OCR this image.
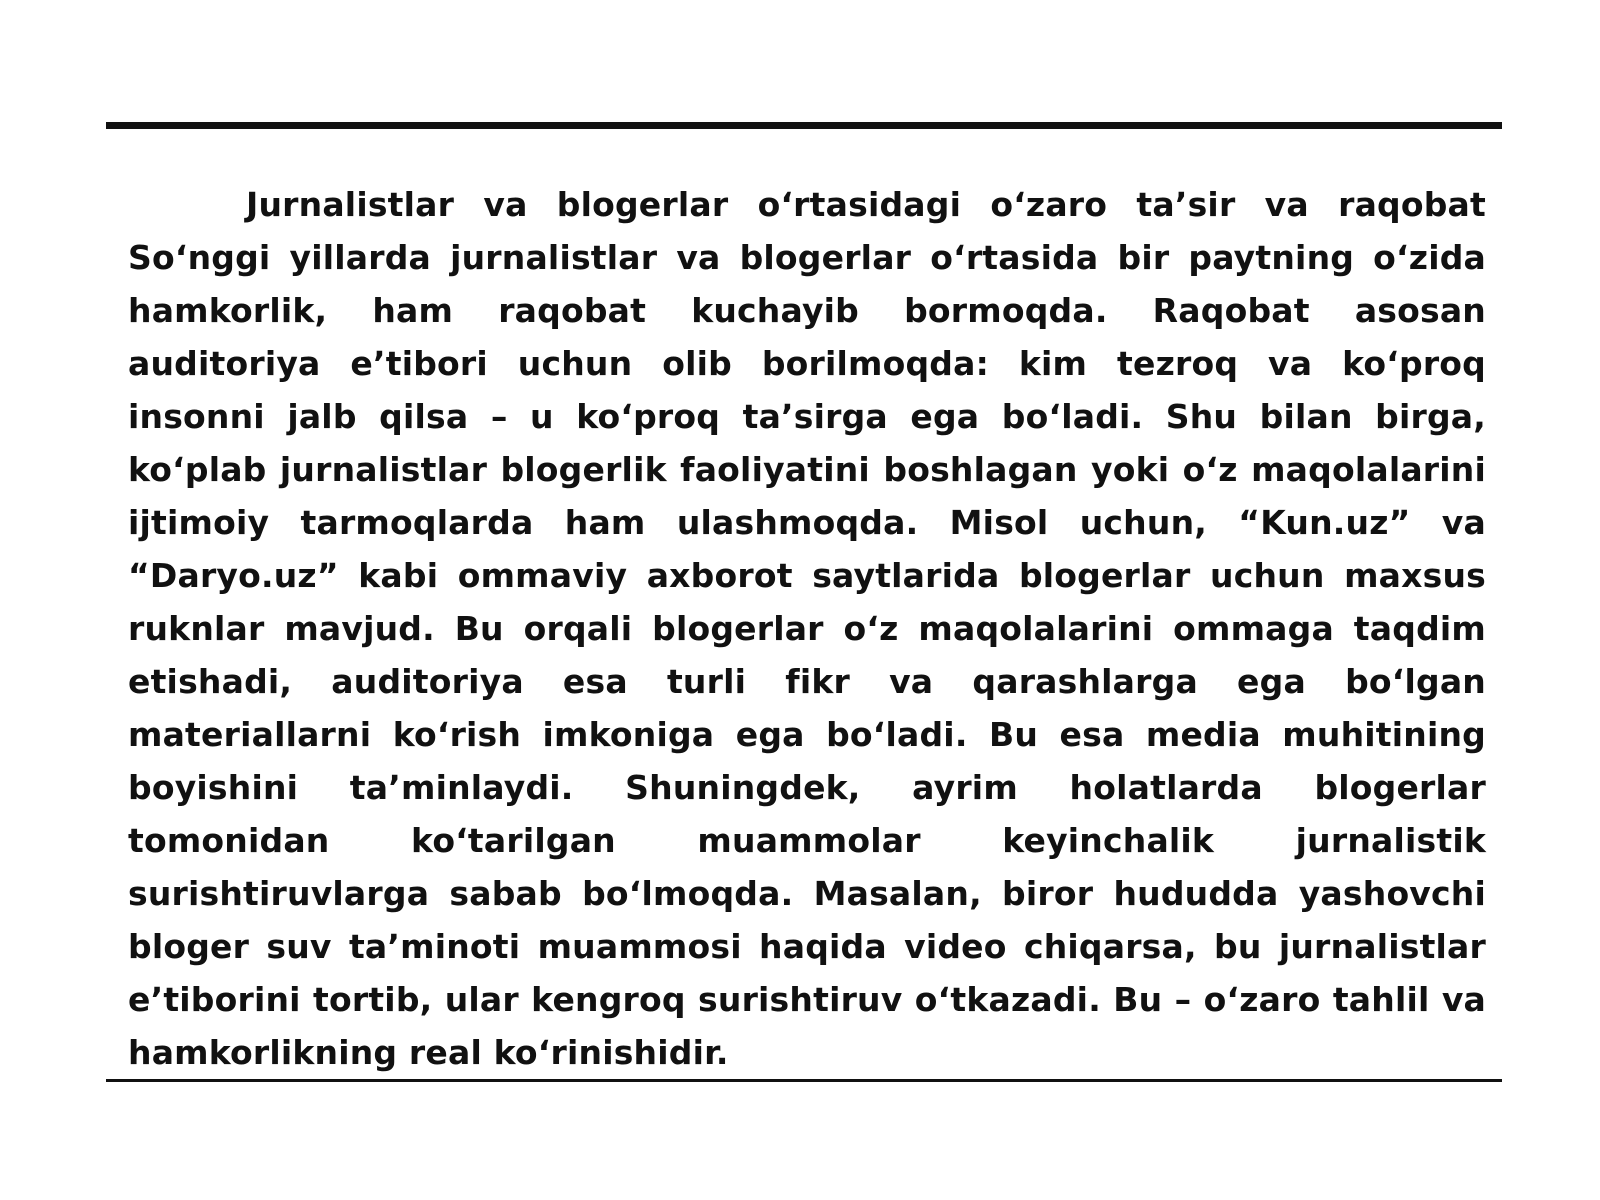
Jurnalistlar va blogerlar oʻrtasidagi oʻzaro taʼsir va raqobat Soʻnggi yillarda jurnalistlar va blogerlar oʻrtasida bir paytning oʻzida hamkorlik, ham raqobat kuchayib bormoqda. Raqobat asosan auditoriya eʼtibori uchun olib borilmoqda: kim tezroq va koʻproq insonni jalb qilsa – u koʻproq taʼsirga ega boʻladi. Shu bilan birga, koʻplab jurnalistlar blogerlik faoliyatini boshlagan yoki oʻz maqolalarini ijtimoiy tarmoqlarda ham ulashmoqda. Misol uchun, “Kun.uz” va “Daryo.uz” kabi ommaviy axborot saytlarida blogerlar uchun maxsus ruknlar mavjud. Bu orqali blogerlar oʻz maqolalarini ommaga taqdim etishadi, auditoriya esa turli fikr va qarashlarga ega boʻlgan materiallarni koʻrish imkoniga ega boʻladi. Bu esa media muhitining boyishini taʼminlaydi. Shuningdek, ayrim holatlarda blogerlar tomonidan koʻtarilgan muammolar keyinchalik jurnalistik surishtiruvlarga sabab boʻlmoqda. Masalan, biror hududda yashovchi bloger suv taʼminoti muammosi haqida video chiqarsa, bu jurnalistlar eʼtiborini tortib, ular kengroq surishtiruv oʻtkazadi. Bu – oʻzaro tahlil va hamkorlikning real koʻrinishidir.
